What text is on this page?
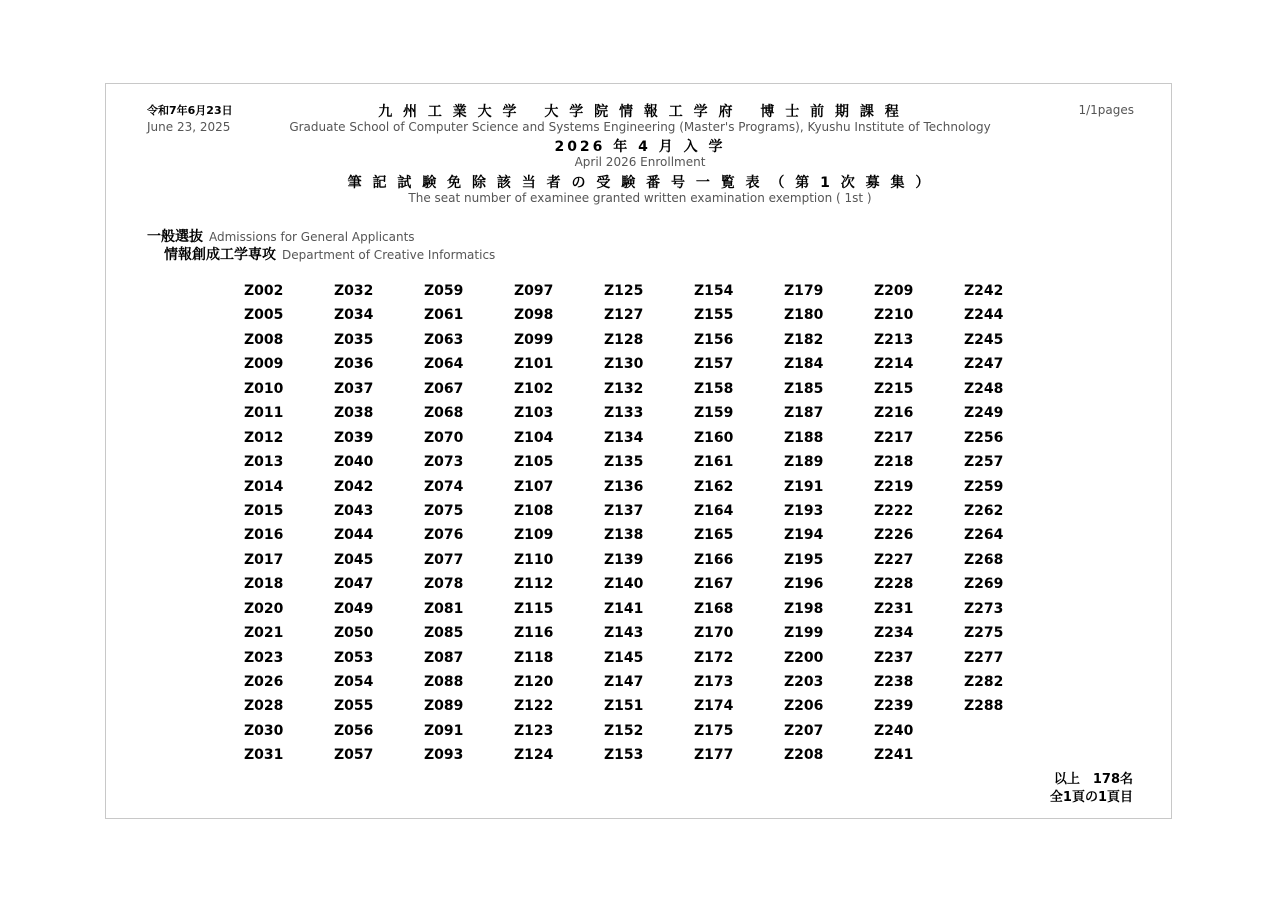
令和7年6月23日
June 23, 2025
1/1pages
九 州 工 業 大 学　 大 学 院 情 報 工 学 府　 博 士 前 期 課 程
Graduate School of Computer Science and Systems Engineering (Master's Programs), Kyushu Institute of Technology
2026 年 4 月 入 学
April 2026 Enrollment
筆 記 試 験 免 除 該 当 者 の 受 験 番 号 一 覧 表 （ 第 1 次 募 集 ）
The seat number of examinee granted written examination exemption ( 1st )
一般選抜 Admissions for General Applicants
情報創成工学専攻 Department of Creative Informatics
Z002
Z005
Z008
Z009
Z010
Z011
Z012
Z013
Z014
Z015
Z016
Z017
Z018
Z020
Z021
Z023
Z026
Z028
Z030
Z031
Z032
Z034
Z035
Z036
Z037
Z038
Z039
Z040
Z042
Z043
Z044
Z045
Z047
Z049
Z050
Z053
Z054
Z055
Z056
Z057
Z059
Z061
Z063
Z064
Z067
Z068
Z070
Z073
Z074
Z075
Z076
Z077
Z078
Z081
Z085
Z087
Z088
Z089
Z091
Z093
Z097
Z098
Z099
Z101
Z102
Z103
Z104
Z105
Z107
Z108
Z109
Z110
Z112
Z115
Z116
Z118
Z120
Z122
Z123
Z124
Z125
Z127
Z128
Z130
Z132
Z133
Z134
Z135
Z136
Z137
Z138
Z139
Z140
Z141
Z143
Z145
Z147
Z151
Z152
Z153
Z154
Z155
Z156
Z157
Z158
Z159
Z160
Z161
Z162
Z164
Z165
Z166
Z167
Z168
Z170
Z172
Z173
Z174
Z175
Z177
Z179
Z180
Z182
Z184
Z185
Z187
Z188
Z189
Z191
Z193
Z194
Z195
Z196
Z198
Z199
Z200
Z203
Z206
Z207
Z208
Z209
Z210
Z213
Z214
Z215
Z216
Z217
Z218
Z219
Z222
Z226
Z227
Z228
Z231
Z234
Z237
Z238
Z239
Z240
Z241
Z242
Z244
Z245
Z247
Z248
Z249
Z256
Z257
Z259
Z262
Z264
Z268
Z269
Z273
Z275
Z277
Z282
Z288
以上　178名
全1頁の1頁目
